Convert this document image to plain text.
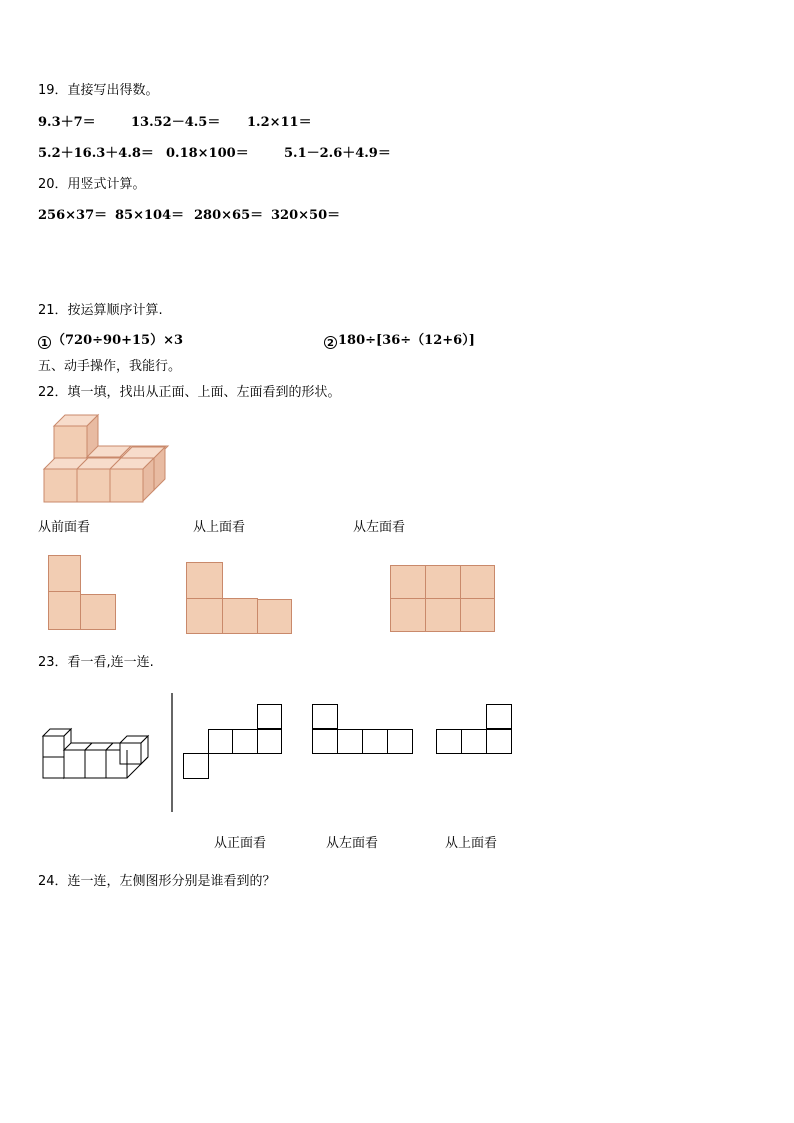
19．直接写出得数。
9.3＋7＝	13.52－4.5＝ 1.2×11＝
5.2＋16.3＋4.8＝ 0.18×100＝	5.1－2.6＋4.9＝
20．用竖式计算。
256×37＝ 85×104＝ 280×65＝ 320×50＝
21．按运算顺序计算.
1 （720÷90+15）×3	2 180÷[36÷（12+6）]
五、动手操作，我能行。
22．填一填，找出从正面、上面、左面看到的形状。
从前面看	从上面看	从左面看
23．看一看,连一连.
从正面看	从左面看	从上面看
24．连一连，左侧图形分别是谁看到的？
